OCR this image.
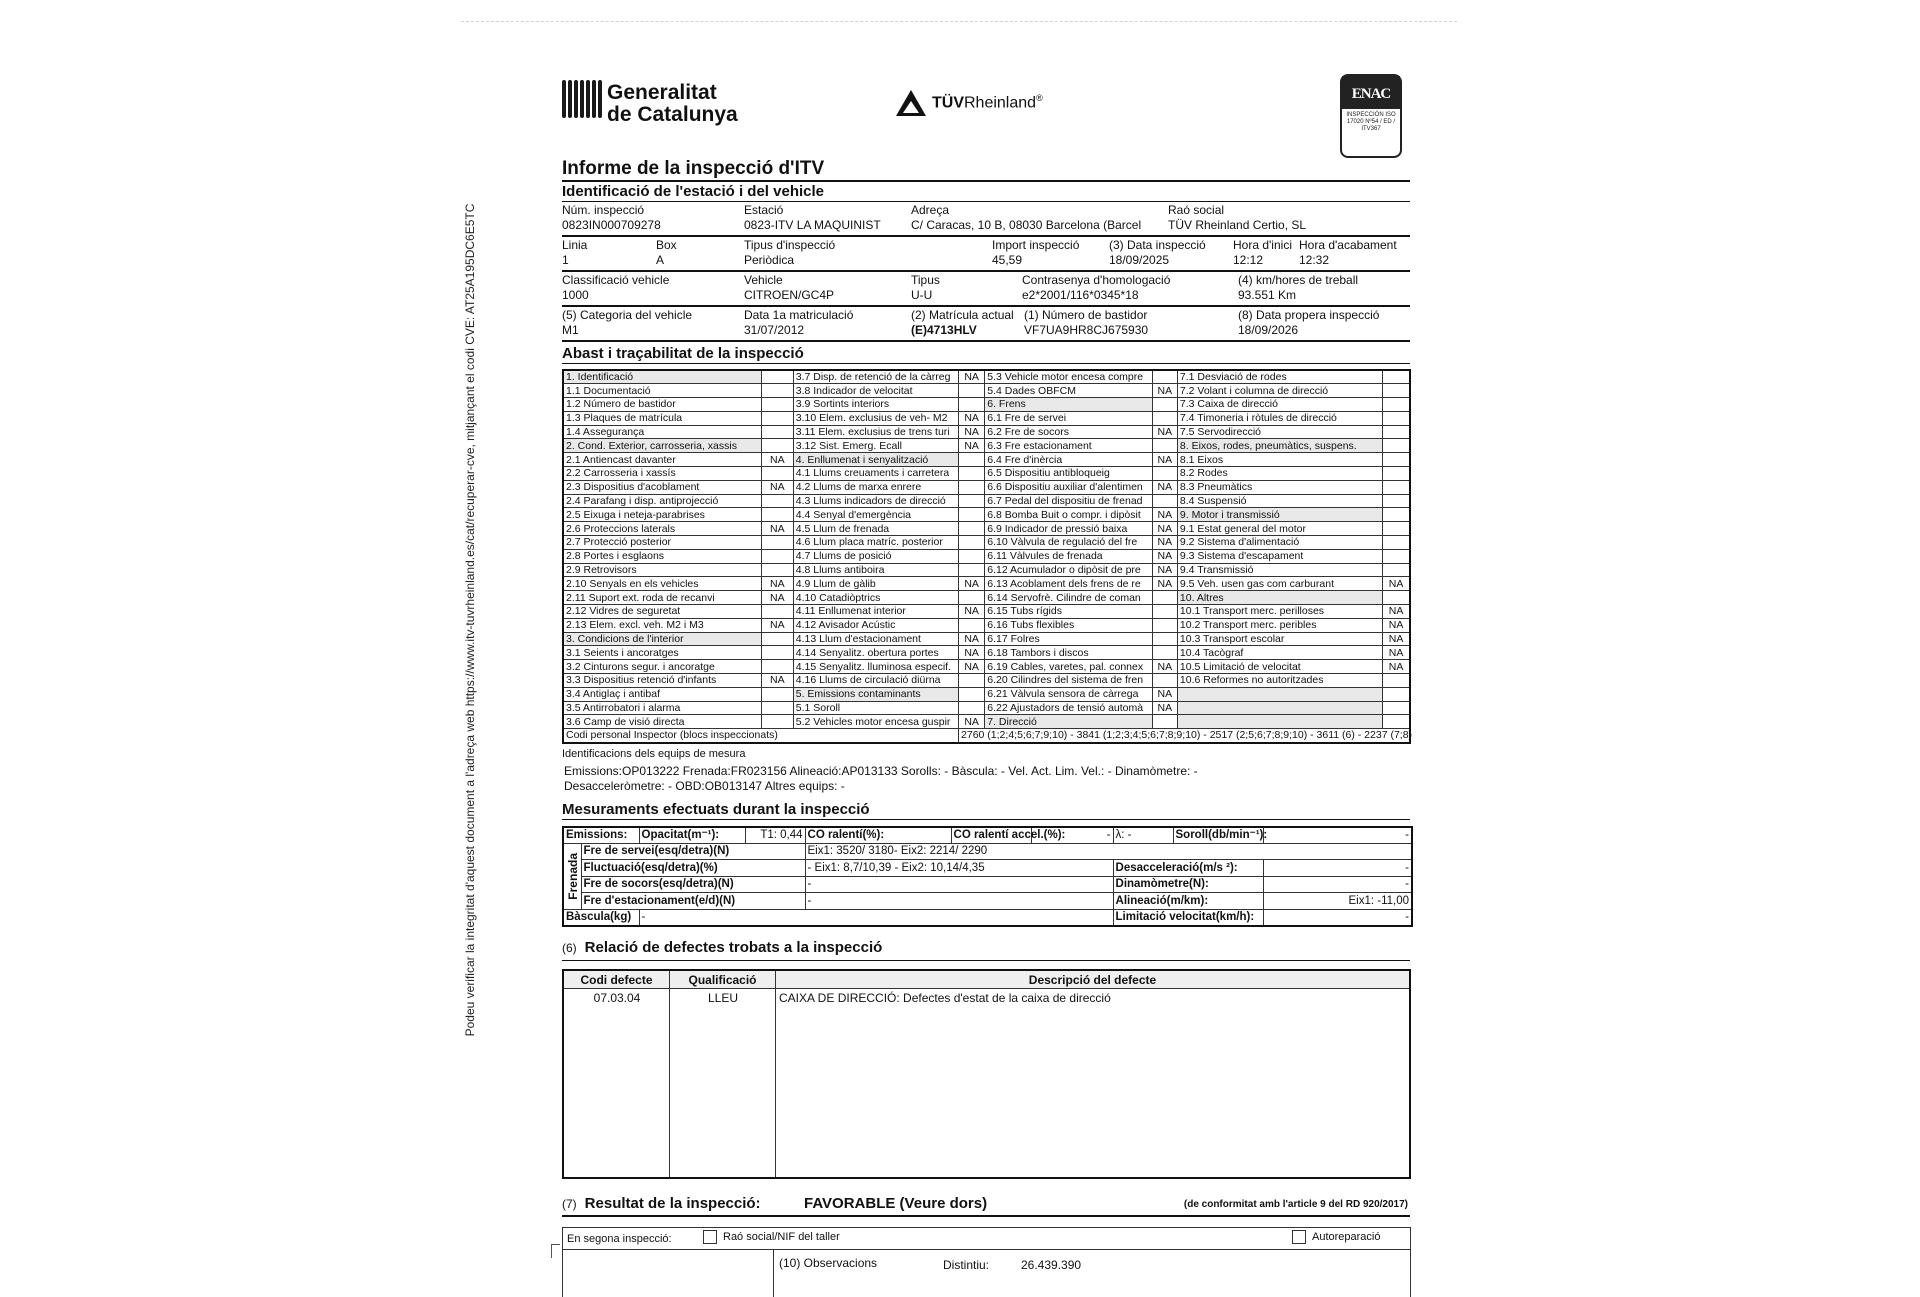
Podeu verificar la integritat d'aquest document a l'adreça web https://www.itv-tuvrheinland.es/cat/recuperar-cve, mitjançant el codi CVE: AT25A195DC6E5TC
Generalitat
de Catalunya	TÜVRheinland®	ENAC
INSPECCIÓN ISO 17020 Nº54 / ED / ITV367
Informe de la inspecció d'ITV
Identificació de l'estació i del vehicle
Núm. inspecció
0823IN000709278
Estació
0823-ITV LA MAQUINIST
Adreça
C/ Caracas, 10 B, 08030 Barcelona (Barcel
Raó social
TÜV Rheinland Certio, SL
Linia
1
Box
A
Tipus d'inspecció
Periòdica
Import inspecció
45,59
(3) Data inspecció
18/09/2025
Hora d'inici
12:12
Hora d'acabament
12:32
Classificació vehicle
1000
Vehicle
CITROEN/GC4P
Tipus
U-U
Contrasenya d'homologació
e2*2001/116*0345*18
(4) km/hores de treball
93.551 Km
(5) Categoria del vehicle
M1
Data 1a matriculació
31/07/2012
(2) Matrícula actual
(E)4713HLV
(1) Número de bastidor
VF7UA9HR8CJ675930
(8) Data propera inspecció
18/09/2026
Abast i traçabilitat de la inspecció
1. Identificació		3.7 Disp. de retenció de la càrreg	NA	5.3 Vehicle motor encesa compre		7.1 Desviació de rodes	
1.1 Documentació		3.8 Indicador de velocitat		5.4 Dades OBFCM	NA	7.2 Volant i columna de direcció	
1.2 Número de bastidor		3.9 Sortints interiors		6. Frens		7.3 Caixa de direcció	
1.3 Plaques de matrícula		3.10 Elem. exclusius de veh- M2	NA	6.1 Fre de servei		7.4 Timoneria i ròtules de direcció	
1.4 Assegurança		3.11 Elem. exclusius de trens turi	NA	6.2 Fre de socors	NA	7.5 Servodirecció	
2. Cond. Exterior, carrosseria, xassis		3.12 Sist. Emerg. Ecall	NA	6.3 Fre estacionament		8. Eixos, rodes, pneumàtics, suspens.	
2.1 Antiencast davanter	NA	4. Enllumenat i senyalització		6.4 Fre d'inèrcia	NA	8.1 Eixos	
2.2 Carrosseria i xassís		4.1 Llums creuaments i carretera		6.5 Dispositiu antibloqueig		8.2 Rodes	
2.3 Dispositius d'acoblament	NA	4.2 Llums de marxa enrere		6.6 Dispositiu auxiliar d'alentimen	NA	8.3 Pneumàtics	
2.4 Parafang i disp. antiprojecció		4.3 Llums indicadors de direcció		6.7 Pedal del dispositiu de frenad		8.4 Suspensió	
2.5 Eixuga i neteja-parabrises		4.4 Senyal d'emergència		6.8 Bomba Buit o compr. i dipòsit	NA	9. Motor i transmissió	
2.6 Proteccions laterals	NA	4.5 Llum de frenada		6.9 Indicador de pressió baixa	NA	9.1 Estat general del motor	
2.7 Protecció posterior		4.6 Llum placa matríc. posterior		6.10 Vàlvula de regulació del fre	NA	9.2 Sistema d'alimentació	
2.8 Portes i esglaons		4.7 Llums de posició		6.11 Vàlvules de frenada	NA	9.3 Sistema d'escapament	
2.9 Retrovisors		4.8 Llums antiboira		6.12 Acumulador o dipòsit de pre	NA	9.4 Transmissió	
2.10 Senyals en els vehicles	NA	4.9 Llum de gàlib	NA	6.13 Acoblament dels frens de re	NA	9.5 Veh. usen gas com carburant	NA
2.11 Suport ext. roda de recanvi	NA	4.10 Catadiòptrics		6.14 Servofrè. Cilindre de coman		10. Altres	
2.12 Vidres de seguretat		4.11 Enllumenat interior	NA	6.15 Tubs rígids		10.1 Transport merc. perilloses	NA
2.13 Elem. excl. veh. M2 i M3	NA	4.12 Avisador Acústic		6.16 Tubs flexibles		10.2 Transport merc. peribles	NA
3. Condicions de l'interior		4.13 Llum d'estacionament	NA	6.17 Folres		10.3 Transport escolar	NA
3.1 Seients i ancoratges		4.14 Senyalitz. obertura portes	NA	6.18 Tambors i discos		10.4 Tacògraf	NA
3.2 Cinturons segur. i ancoratge		4.15 Senyalitz. lluminosa especif.	NA	6.19 Cables, varetes, pal. connex	NA	10.5 Limitació de velocitat	NA
3.3 Dispositius retenció d'infants	NA	4.16 Llums de circulació diürna		6.20 Cilindres del sistema de fren		10.6 Reformes no autoritzades	
3.4 Antiglaç i antibaf		5. Emissions contaminants		6.21 Vàlvula sensora de càrrega	NA		
3.5 Antirrobatori i alarma		5.1 Soroll		6.22 Ajustadors de tensió automà	NA		
3.6 Camp de visió directa		5.2 Vehicles motor encesa guspir	NA	7. Direcció			
Codi personal Inspector (blocs inspeccionats)			2760 (1;2;4;5;6;7;9;10) - 3841 (1;2;3;4;5;6;7;8;9;10) - 2517 (2;5;6;7;8;9;10) - 3611 (6) - 2237 (7;8)				
Identificacions dels equips de mesura
Emissions:OP013222 Frenada:FR023156 Alineació:AP013133 Sorolls: - Bàscula: - Vel. Act. Lim. Vel.: - Dinamòmetre: -
Desacceleròmetre: - OBD:OB013147 Altres equips: -
Mesuraments efectuats durant la inspecció
Emissions:		Opacitat(m⁻¹):	T1: 0,44	CO ralentí(%):	CO ralentí accel.(%):	-	λ: -	Soroll(db/min⁻¹):	-

Frenada	Fre de servei(esq/detra)(N)			Eix1: 3520/ 3180- Eix2: 2214/ 2290					
	Fluctuació(esq/detra)(%)			- Eix1: 8,7/10,39 - Eix2: 10,14/4,35			Desacceleració(m/s ²):		-
	Fre de socors(esq/detra)(N)			-			Dinamòmetre(N):		-
	Fre d'estacionament(e/d)(N)			-			Alineació(m/km):		Eix1: -11,00
Bàscula(kg)		-					Limitació velocitat(km/h):		-
(6) Relació de defectes trobats a la inspecció
Codi defecte	Qualificació	Descripció del defecte
07.03.04	LLEU	CAIXA DE DIRECCIÓ: Defectes d'estat de la caixa de direcció
(7) Resultat de la inspecció:	FAVORABLE (Veure dors)	(de conformitat amb l'article 9 del RD 920/2017)
En segona inspecció:	Raó social/NIF del taller	Autoreparació
(10) Observacions	Distintiu:	26.439.390
